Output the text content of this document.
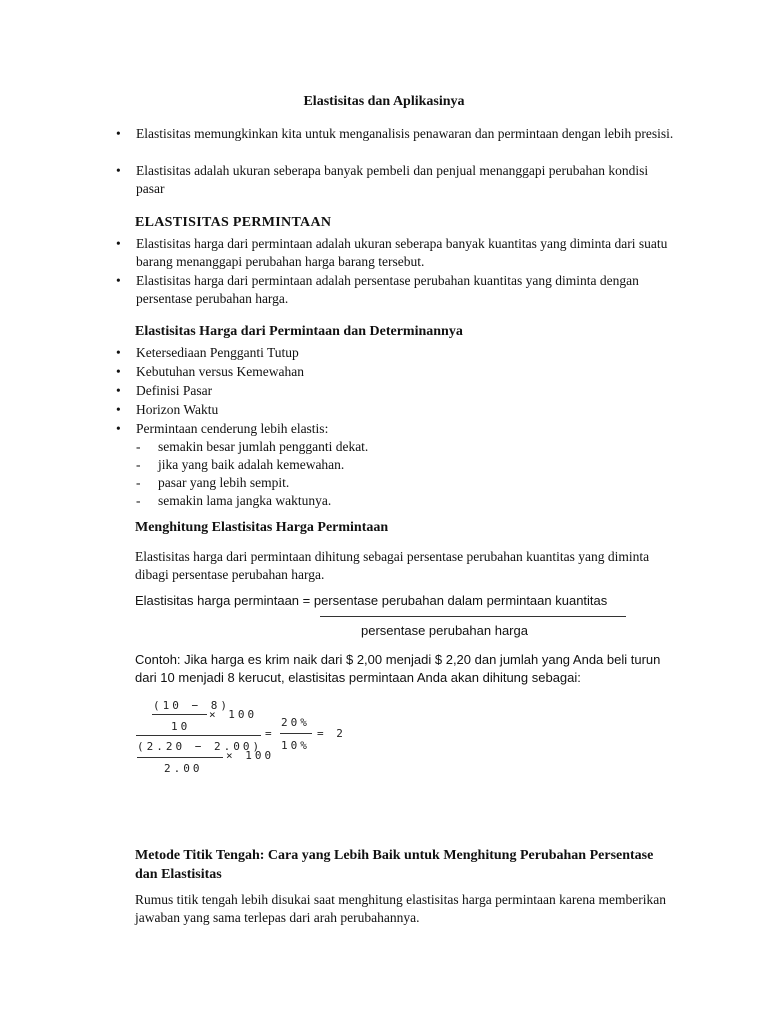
Elastisitas dan Aplikasinya
• Elastisitas memungkinkan kita untuk menganalisis penawaran dan permintaan dengan lebih presisi.
• Elastisitas adalah ukuran seberapa banyak pembeli dan penjual menanggapi perubahan kondisi pasar
ELASTISITAS PERMINTAAN
• Elastisitas harga dari permintaan adalah ukuran seberapa banyak kuantitas yang diminta dari suatu barang menanggapi perubahan harga barang tersebut.
• Elastisitas harga dari permintaan adalah persentase perubahan kuantitas yang diminta dengan persentase perubahan harga.
Elastisitas Harga dari Permintaan dan Determinannya
• Ketersediaan Pengganti Tutup
• Kebutuhan versus Kemewahan
• Definisi Pasar
• Horizon Waktu
• Permintaan cenderung lebih elastis:
- semakin besar jumlah pengganti dekat.
- jika yang baik adalah kemewahan.
- pasar yang lebih sempit.
- semakin lama jangka waktunya.
Menghitung Elastisitas Harga Permintaan
Elastisitas harga dari permintaan dihitung sebagai persentase perubahan kuantitas yang diminta dibagi persentase perubahan harga.
Elastisitas harga permintaan = persentase perubahan dalam permintaan kuantitas
persentase perubahan harga
Contoh: Jika harga es krim naik dari $ 2,00 menjadi $ 2,20 dan jumlah yang Anda beli turun dari 10 menjadi 8 kerucut, elastisitas permintaan Anda akan dihitung sebagai:
(10 − 8)
10
× 100
(2.20 − 2.00)
2.00
× 100
=
20%
10%
= 2
Metode Titik Tengah: Cara yang Lebih Baik untuk Menghitung Perubahan Persentase dan Elastisitas
Rumus titik tengah lebih disukai saat menghitung elastisitas harga permintaan karena memberikan jawaban yang sama terlepas dari arah perubahannya.
